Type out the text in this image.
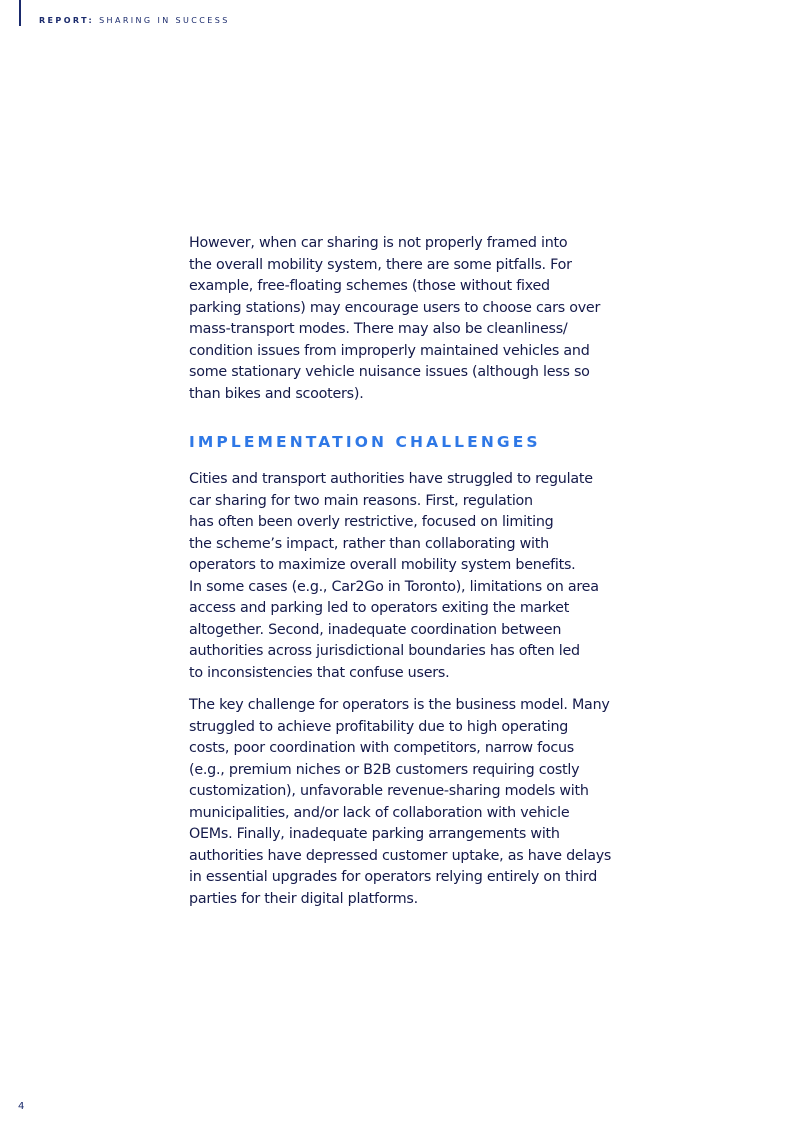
REPORT: SHARING IN SUCCESS

However, when car sharing is not properly framed into
the overall mobility system, there are some pitfalls. For
example, free-floating schemes (those without fixed
parking stations) may encourage users to choose cars over
mass-transport modes. There may also be cleanliness/
condition issues from improperly maintained vehicles and
some stationary vehicle nuisance issues (although less so
than bikes and scooters).

IMPLEMENTATION CHALLENGES

Cities and transport authorities have struggled to regulate
car sharing for two main reasons. First, regulation
has often been overly restrictive, focused on limiting
the scheme’s impact, rather than collaborating with
operators to maximize overall mobility system benefits.
In some cases (e.g., Car2Go in Toronto), limitations on area
access and parking led to operators exiting the market
altogether. Second, inadequate coordination between
authorities across jurisdictional boundaries has often led
to inconsistencies that confuse users.

The key challenge for operators is the business model. Many
struggled to achieve profitability due to high operating
costs, poor coordination with competitors, narrow focus
(e.g., premium niches or B2B customers requiring costly
customization), unfavorable revenue-sharing models with
municipalities, and/or lack of collaboration with vehicle
OEMs. Finally, inadequate parking arrangements with
authorities have depressed customer uptake, as have delays
in essential upgrades for operators relying entirely on third
parties for their digital platforms.

4
